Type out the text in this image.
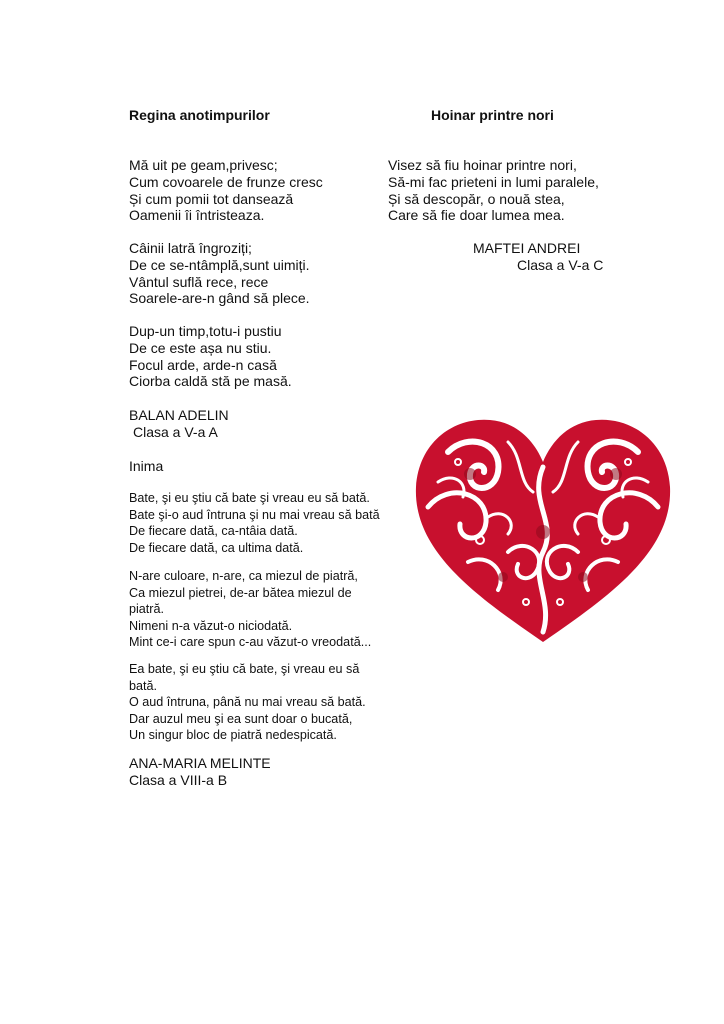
Regina anotimpurilor
Mă uit pe geam,privesc;
Cum covoarele de frunze cresc
Și cum pomii tot dansează
Oamenii îi întristeaza.
Câinii latră îngroziți;
De ce se-ntâmplă,sunt uimiți.
Vântul suflă rece, rece
Soarele-are-n gând să plece.
Dup-un timp,totu-i pustiu
De ce este așa nu stiu.
Focul arde, arde-n casă
Ciorba caldă stă pe masă.
BALAN ADELIN
Clasa a V-a A
Hoinar printre nori
Visez să fiu hoinar printre nori,
Să-mi fac prieteni in lumi paralele,
Și să descopăr, o nouă stea,
Care să fie doar lumea mea.
MAFTEI ANDREI
Clasa a V-a C
Inima
Bate, şi eu ştiu că bate şi vreau eu să bată.
Bate şi-o aud întruna şi nu mai vreau să bată
De fiecare dată, ca-ntâia dată.
De fiecare dată, ca ultima dată.
N-are culoare, n-are, ca miezul de piatră,
Ca miezul pietrei, de-ar bătea miezul de
piatră.
Nimeni n-a văzut-o niciodată.
Mint ce-i care spun c-au văzut-o vreodată...
Ea bate, şi eu ştiu că bate, şi vreau eu să
bată.
O aud întruna, până nu mai vreau să bată.
Dar auzul meu şi ea sunt doar o bucată,
Un singur bloc de piatră nedespicată.
ANA-MARIA MELINTE
Clasa a VIII-a B
